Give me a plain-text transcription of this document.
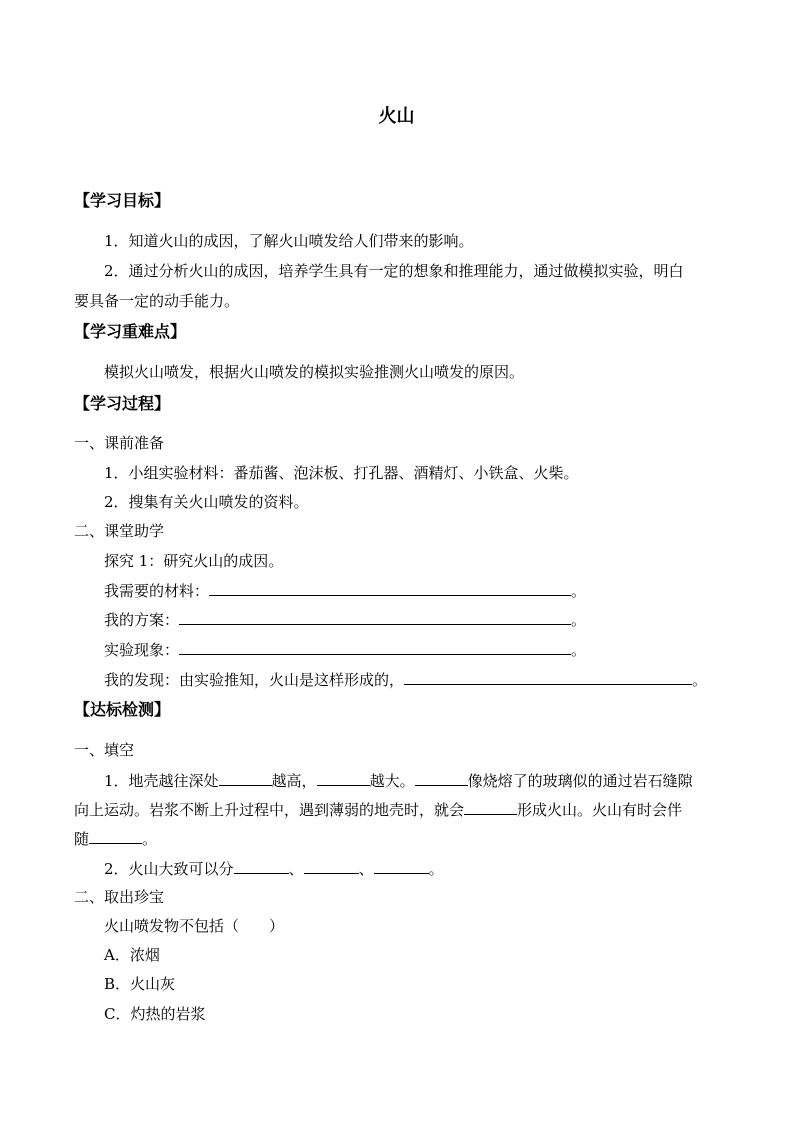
火山
【学习目标】
1．知道火山的成因，了解火山喷发给人们带来的影响。
2．通过分析火山的成因，培养学生具有一定的想象和推理能力，通过做模拟实验，明白
要具备一定的动手能力。
【学习重难点】
模拟火山喷发，根据火山喷发的模拟实验推测火山喷发的原因。
【学习过程】
一、课前准备
1．小组实验材料：番茄酱、泡沫板、打孔器、酒精灯、小铁盒、火柴。
2．搜集有关火山喷发的资料。
二、课堂助学
探究 1：研究火山的成因。
我需要的材料：	。
我的方案：	。
实验现象：	。
我的发现：由实验推知，火山是这样形成的，	。
【达标检测】
一、填空
1．地壳越往深处	越高，	越大。	像烧熔了的玻璃似的通过岩石缝隙
向上运动。岩浆不断上升过程中，遇到薄弱的地壳时，就会	形成火山。火山有时会伴
随	。
2．火山大致可以分	、	、	。
二、取出珍宝
火山喷发物不包括（　　）
A．浓烟
B．火山灰
C．灼热的岩浆
